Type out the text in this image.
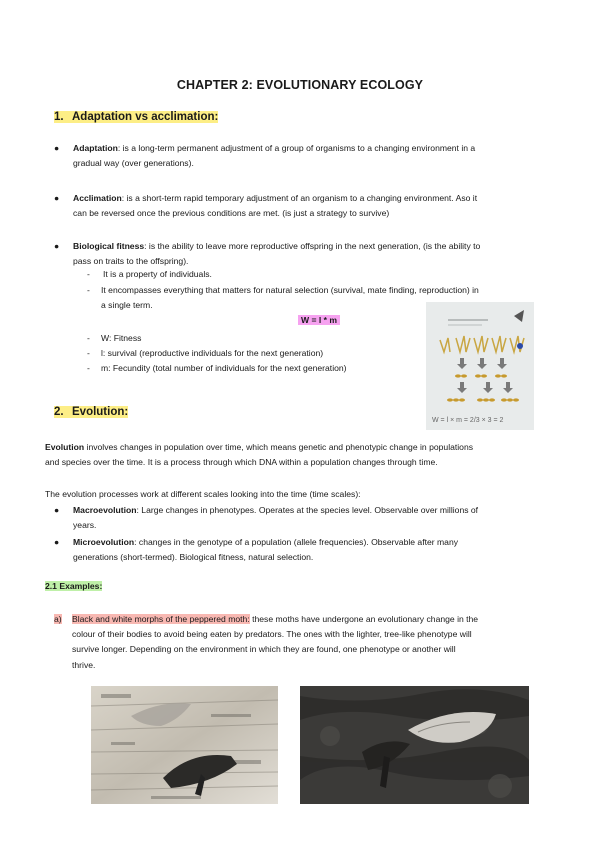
CHAPTER 2: EVOLUTIONARY ECOLOGY
1. Adaptation vs acclimation:
● Adaptation: is a long-term permanent adjustment of a group of organisms to a changing environment in a
gradual way (over generations).
● Acclimation: is a short-term rapid temporary adjustment of an organism to a changing environment. Aso it
can be reversed once the previous conditions are met. (is just a strategy to survive)
● Biological fitness: is the ability to leave more reproductive offspring in the next generation, (is the ability to
pass on traits to the offspring).
- It is a property of individuals.
- It encompasses everything that matters for natural selection (survival, mate finding, reproduction) in
a single term.
W = l * m
- W: Fitness
- l: survival (reproductive individuals for the next generation)
- m: Fecundity (total number of individuals for the next generation)
W = l × m = 2/3 × 3 = 2
2. Evolution:
Evolution involves changes in population over time, which means genetic and phenotypic change in populations
and species over the time. It is a process through which DNA within a population changes through time.
The evolution processes work at different scales looking into the time (time scales):
● Macroevolution: Large changes in phenotypes. Operates at the species level. Observable over millions of
years.
● Microevolution: changes in the genotype of a population (allele frequencies). Observable after many
generations (short-termed). Biological fitness, natural selection.
2.1 Examples:
a) Black and white morphs of the peppered moth: these moths have undergone an evolutionary change in the
colour of their bodies to avoid being eaten by predators. The ones with the lighter, tree-like phenotype will
survive longer. Depending on the environment in which they are found, one phenotype or another will
thrive.
